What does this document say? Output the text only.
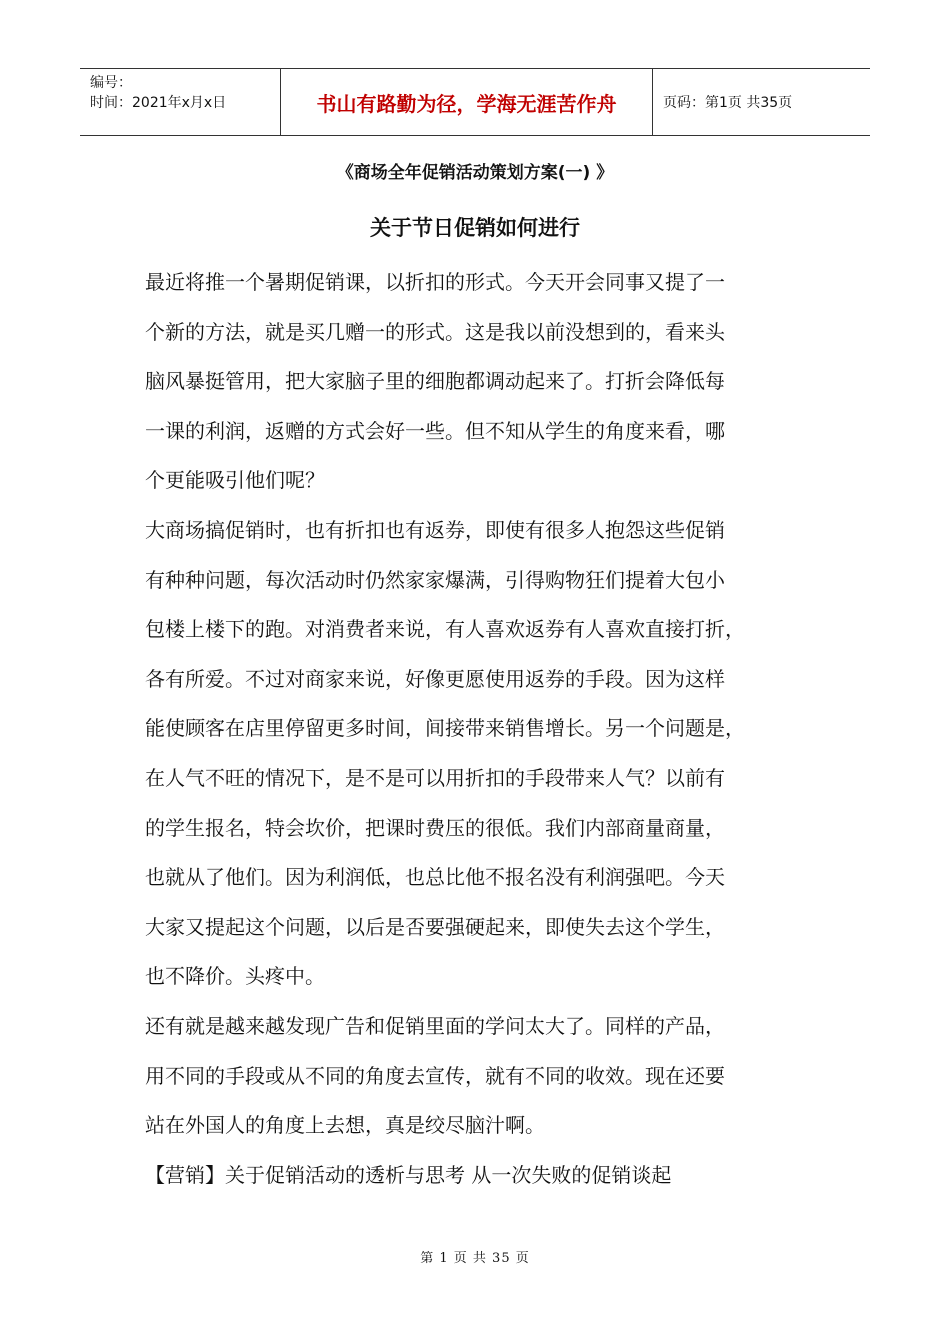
编号：
时间：2021年x月x日	书山有路勤为径，学海无涯苦作舟	页码：第1页 共35页
《商场全年促销活动策划方案(一) 》
关于节日促销如何进行
最近将推一个暑期促销课，以折扣的形式。今天开会同事又提了一
个新的方法，就是买几赠一的形式。这是我以前没想到的，看来头
脑风暴挺管用，把大家脑子里的细胞都调动起来了。打折会降低每
一课的利润，返赠的方式会好一些。但不知从学生的角度来看，哪
个更能吸引他们呢？
大商场搞促销时，也有折扣也有返券，即使有很多人抱怨这些促销
有种种问题，每次活动时仍然家家爆满，引得购物狂们提着大包小
包楼上楼下的跑。对消费者来说，有人喜欢返券有人喜欢直接打折，
各有所爱。不过对商家来说，好像更愿使用返券的手段。因为这样
能使顾客在店里停留更多时间，间接带来销售增长。另一个问题是，
在人气不旺的情况下，是不是可以用折扣的手段带来人气？以前有
的学生报名，特会坎价，把课时费压的很低。我们内部商量商量，
也就从了他们。因为利润低，也总比他不报名没有利润强吧。今天
大家又提起这个问题，以后是否要强硬起来，即使失去这个学生，
也不降价。头疼中。
还有就是越来越发现广告和促销里面的学问太大了。同样的产品，
用不同的手段或从不同的角度去宣传，就有不同的收效。现在还要
站在外国人的角度上去想，真是绞尽脑汁啊。
【营销】关于促销活动的透析与思考 从一次失败的促销谈起
第 1 页 共 35 页
